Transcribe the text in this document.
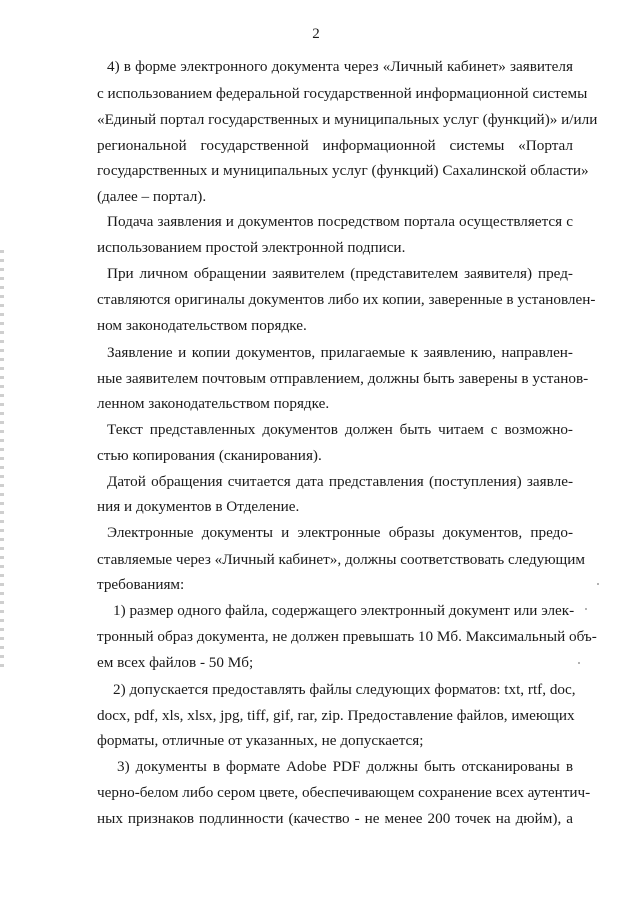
2
4) в форме электронного документа через «Личный кабинет» заявителя
с использованием федеральной государственной информационной системы
«Единый портал государственных и муниципальных услуг (функций)» и/или
региональной государственной информационной системы «Портал
государственных и муниципальных услуг (функций) Сахалинской области»
(далее – портал).
Подача заявления и документов посредством портала осуществляется с
использованием простой электронной подписи.
При личном обращении заявителем (представителем заявителя) пред-
ставляются оригиналы документов либо их копии, заверенные в установлен-
ном законодательством порядке.
Заявление и копии документов, прилагаемые к заявлению, направлен-
ные заявителем почтовым отправлением, должны быть заверены в установ-
ленном законодательством порядке.
Текст представленных документов должен быть читаем с возможно-
стью копирования (сканирования).
Датой обращения считается дата представления (поступления) заявле-
ния и документов в Отделение.
Электронные документы и электронные образы документов, предо-
ставляемые через «Личный кабинет», должны соответствовать следующим
требованиям:
1) размер одного файла, содержащего электронный документ или элек-
тронный образ документа, не должен превышать 10 Мб. Максимальный объ-
ем всех файлов - 50 Мб;
2) допускается предоставлять файлы следующих форматов: txt, rtf, doc,
docx, pdf, xls, xlsx, jpg, tiff, gif, rar, zip. Предоставление файлов, имеющих
форматы, отличные от указанных, не допускается;
3) документы в формате Adobe PDF должны быть отсканированы в
черно-белом либо сером цвете, обеспечивающем сохранение всех аутентич-
ных признаков подлинности (качество - не менее 200 точек на дюйм), а
